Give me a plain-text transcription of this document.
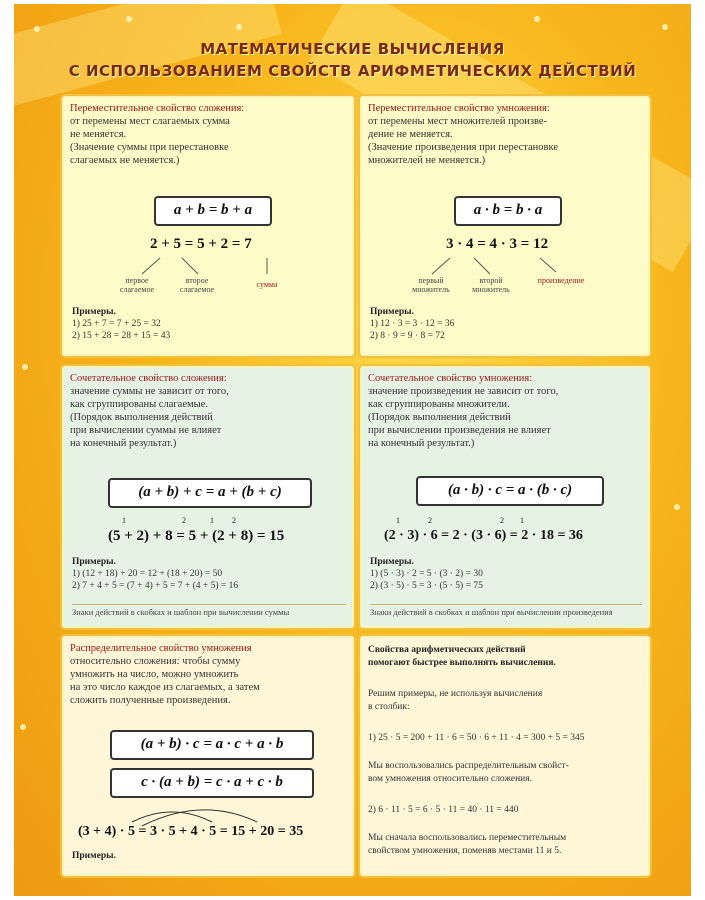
МАТЕМАТИЧЕСКИЕ ВЫЧИСЛЕНИЯ
С ИСПОЛЬЗОВАНИЕМ СВОЙСТВ АРИФМЕТИЧЕСКИХ ДЕЙСТВИЙ
Переместительное свойство сложения:
от перемены мест слагаемых сумма
не меняется.
(Значение суммы при перестановке
слагаемых не меняется.)
a + b = b + a
2 + 5 = 5 + 2 = 7
первое слагаемое
второе слагаемое
сумма
Примеры.
1) 25 + 7 = 7 + 25 = 32
2) 15 + 28 = 28 + 15 = 43
Переместительное свойство умножения:
от перемены мест множителей произве-
дение не меняется.
(Значение произведения при перестановке
множителей не меняется.)
a · b = b · a
3 · 4 = 4 · 3 = 12
первый множитель
второй множитель
произведение
Примеры.
1) 12 · 3 = 3 · 12 = 36
2) 8 · 9 = 9 · 8 = 72
Сочетательное свойство сложения:
значение суммы не зависит от того,
как сгруппированы слагаемые.
(Порядок выполнения действий
при вычислении суммы не влияет
на конечный результат.)
(a + b) + c = a + (b + c)
1	2	2
1
(5 + 2) + 8 = 5 + (2 + 8) = 15
Примеры.
1) (12 + 18) + 20 = 12 + (18 + 20) = 50
2) 7 + 4 + 5 = (7 + 4) + 5 = 7 + (4 + 5) = 16
Знаки действий в скобках и шаблон при вычислении суммы
Сочетательное свойство умножения:
значение произведения не зависит от того,
как сгруппированы множители.
(Порядок выполнения действий
при вычислении произведения не влияет
на конечный результат.)
(a · b) · c = a · (b · c)
1	2	2 1
(2 · 3) · 6 = 2 · (3 · 6) = 2 · 18 = 36
Примеры.
1) (5 · 3) · 2 = 5 · (3 · 2) = 30
2) (3 · 5) · 5 = 3 · (5 · 5) = 75
Знаки действий в скобках и шаблон при вычислении произведения
Распределительное свойство умножения
относительно сложения: чтобы сумму
умножить на число, можно умножить
на это число каждое из слагаемых, а затем
сложить полученные произведения.
(a + b) · c = a · c + a · b
c · (a + b) = c · a + c · b
(3 + 4) · 5 = 3 · 5 + 4 · 5 = 15 + 20 = 35
Примеры.
Свойства арифметических действий
помогают быстрее выполнять вычисления.
Решим примеры, не используя вычисления
в столбик:
1) 25 · 5 = 200 + 11 · 6 = 50 · 6 + 11 · 4 = 300 + 5 = 345
Мы воспользовались распределительным свойст-
вом умножения относительно сложения.
2) 6 · 11 · 5 = 6 · 5 · 11 = 40 · 11 = 440
Мы сначала воспользовались переместительным
свойством умножения, поменяв местами 11 и 5.
